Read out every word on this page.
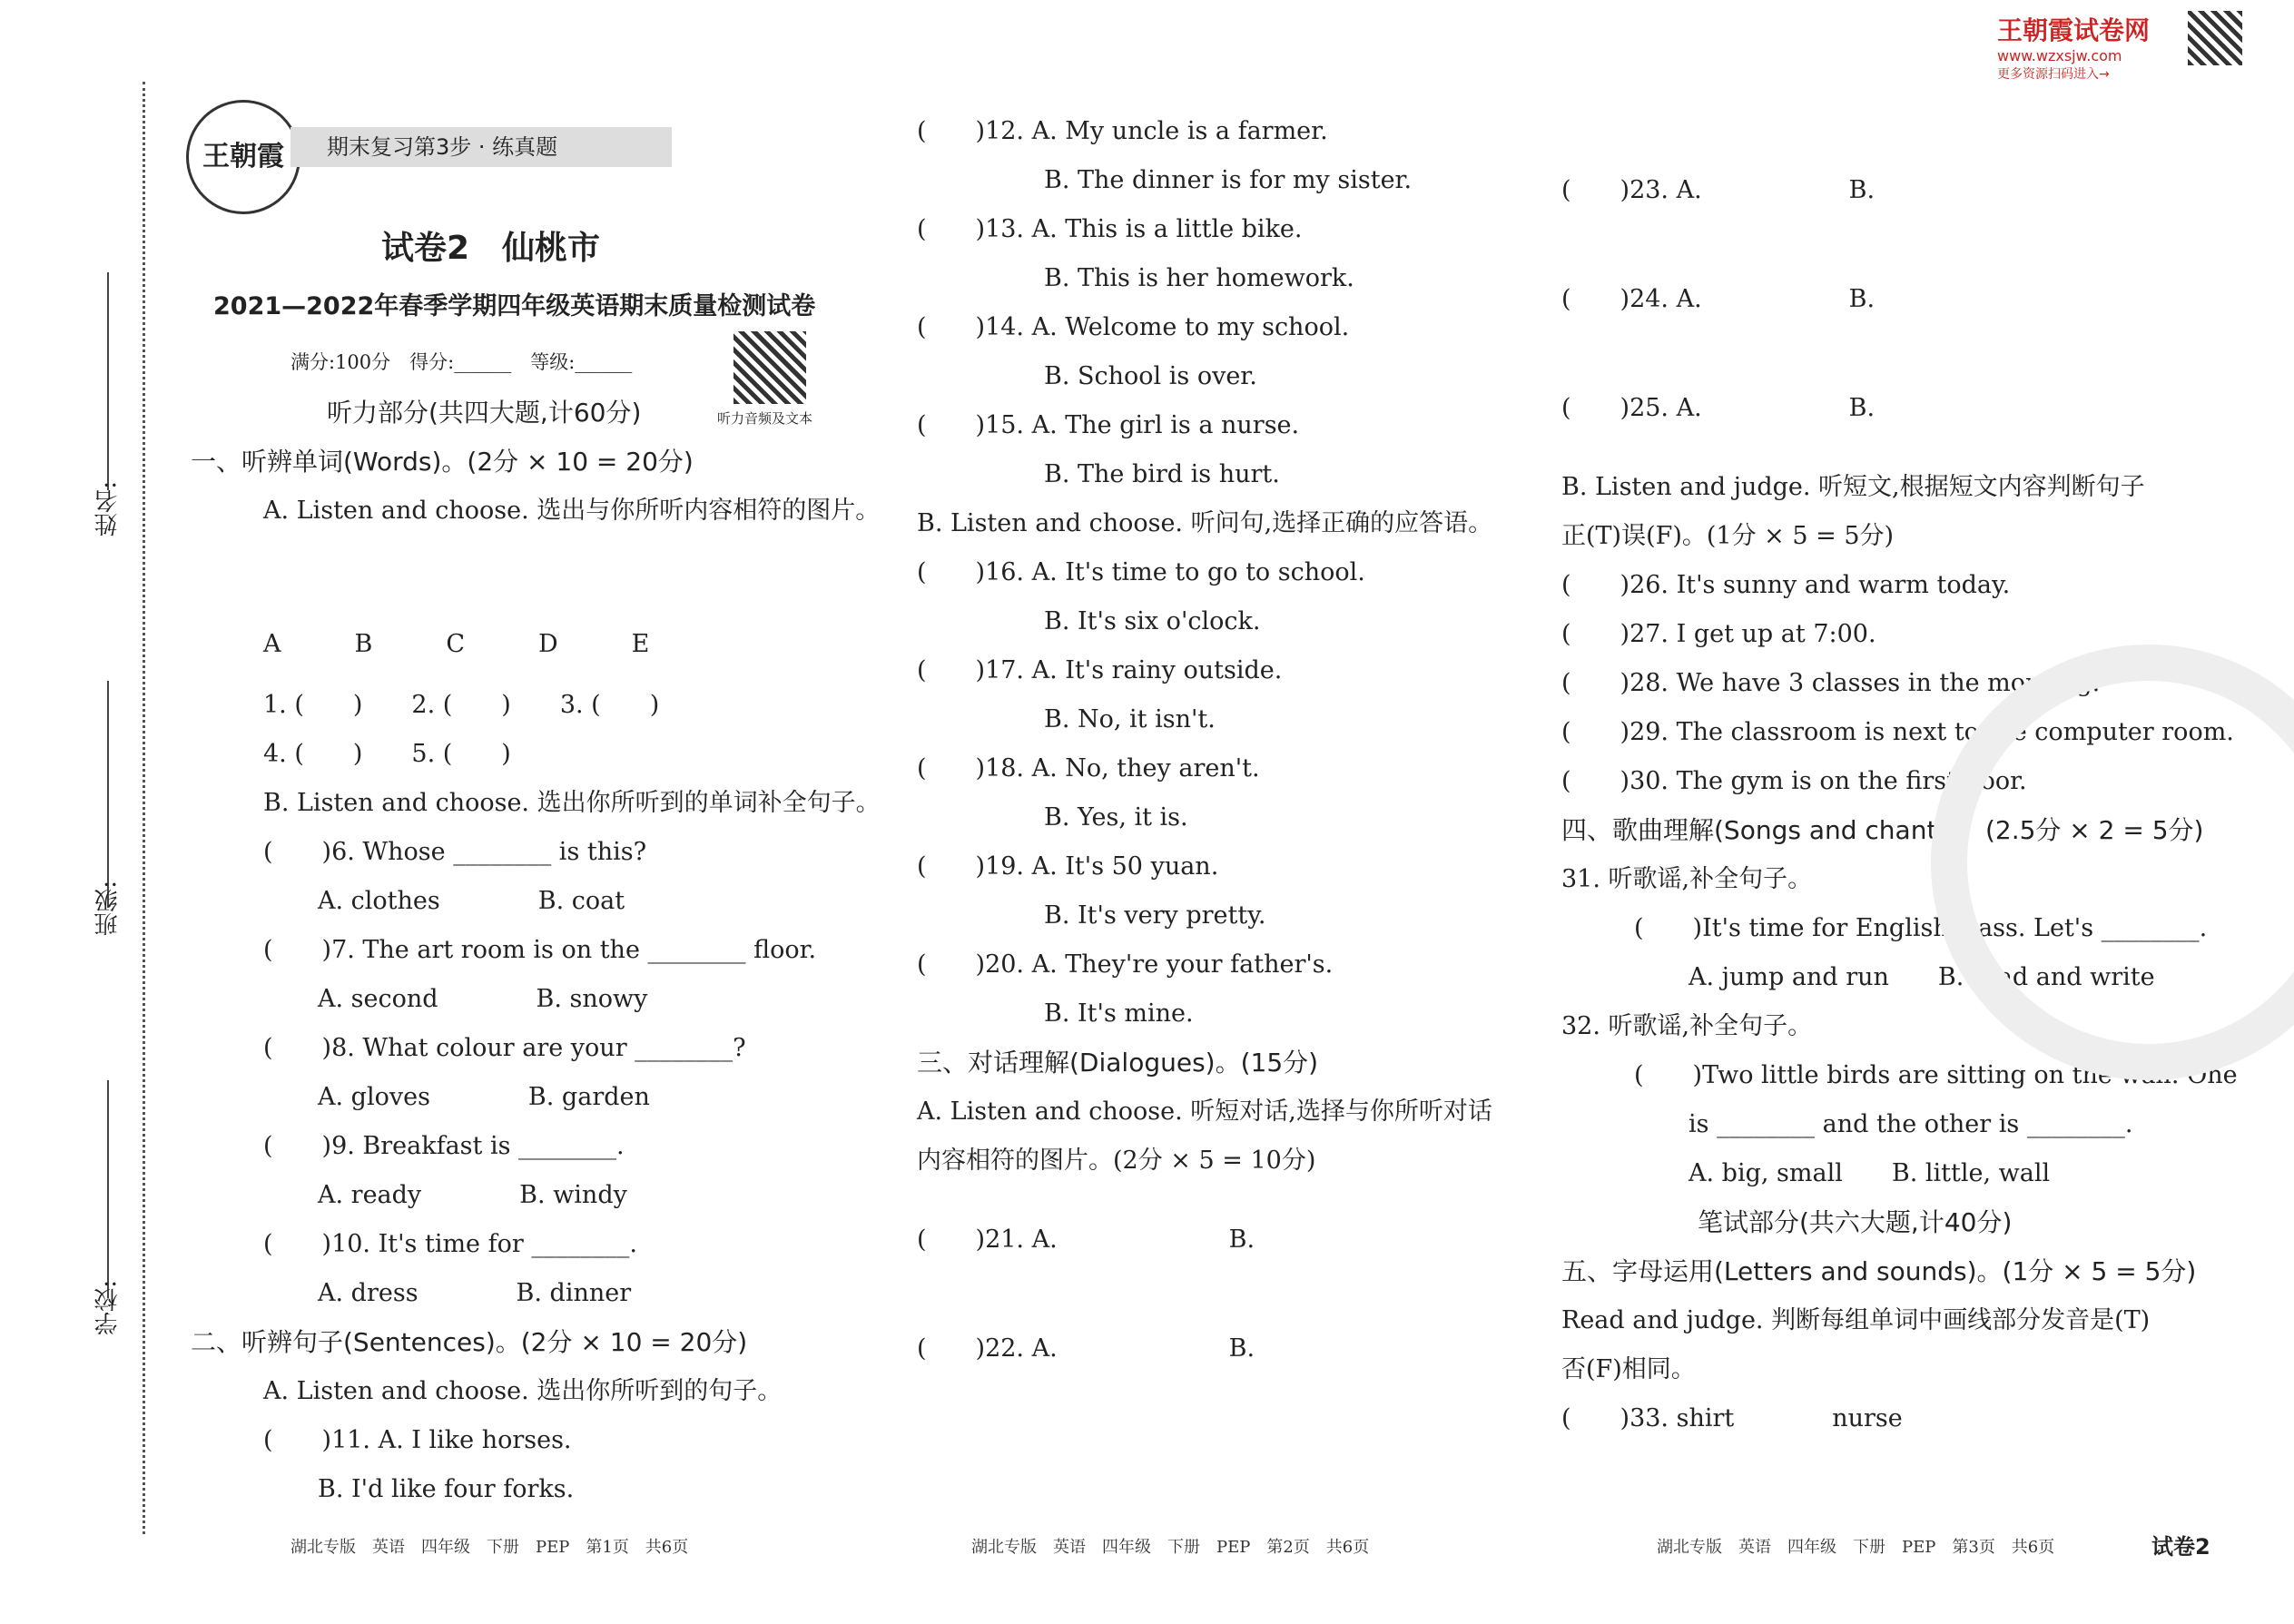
王朝霞试卷网
www.wzxsjw.com
更多资源扫码进入→
姓名:
班级:
学校:
王朝霞	期末复习第3步 · 练真题
试卷2　仙桃市
2021—2022年春季学期四年级英语期末质量检测试卷
满分:100分　得分:______　等级:______
听力音频及文本

听力部分(共四大题,计60分)

一、听辨单词(Words)。(2分 × 10 = 20分)

A. Listen and choose. 选出与你所听内容相符的图片。

A　　　B　　　C　　　D　　　E

1. (　　)　　2. (　　)　　3. (　　)

4. (　　)　　5. (　　)

B. Listen and choose. 选出你所听到的单词补全句子。

(　　)6. Whose ________ is this?

A. clothes　　　　B. coat

(　　)7. The art room is on the ________ floor.

A. second　　　　B. snowy

(　　)8. What colour are your ________?

A. gloves　　　　B. garden

(　　)9. Breakfast is ________.

A. ready　　　　B. windy

(　　)10. It's time for ________.

A. dress　　　　B. dinner

二、听辨句子(Sentences)。(2分 × 10 = 20分)

A. Listen and choose. 选出你所听到的句子。

(　　)11. A. I like horses.

B. I'd like four forks.

(　　)12. A. My uncle is a farmer.

B. The dinner is for my sister.

(　　)13. A. This is a little bike.

B. This is her homework.

(　　)14. A. Welcome to my school.

B. School is over.

(　　)15. A. The girl is a nurse.

B. The bird is hurt.

B. Listen and choose. 听问句,选择正确的应答语。

(　　)16. A. It's time to go to school.

B. It's six o'clock.

(　　)17. A. It's rainy outside.

B. No, it isn't.

(　　)18. A. No, they aren't.

B. Yes, it is.

(　　)19. A. It's 50 yuan.

B. It's very pretty.

(　　)20. A. They're your father's.

B. It's mine.

三、对话理解(Dialogues)。(15分)

A. Listen and choose. 听短对话,选择与你所听对话

内容相符的图片。(2分 × 5 = 10分)

(　　)21. A.　　　　　　　B.

(　　)22. A.　　　　　　　B.

(　　)23. A.　　　　　　B.

(　　)24. A.　　　　　　B.

(　　)25. A.　　　　　　B.

B. Listen and judge. 听短文,根据短文内容判断句子

正(T)误(F)。(1分 × 5 = 5分)

(　　)26. It's sunny and warm today.

(　　)27. I get up at 7:00.

(　　)28. We have 3 classes in the morning.

(　　)29. The classroom is next to the computer room.

(　　)30. The gym is on the first floor.

四、歌曲理解(Songs and chants)。(2.5分 × 2 = 5分)

31. 听歌谣,补全句子。

(　　)It's time for English class. Let's ________.

A. jump and run　　B. read and write

32. 听歌谣,补全句子。

(　　)Two little birds are sitting on the wall. One

is ________ and the other is ________.

A. big, small　　B. little, wall

笔试部分(共六大题,计40分)

五、字母运用(Letters and sounds)。(1分 × 5 = 5分)

Read and judge. 判断每组单词中画线部分发音是(T)

否(F)相同。

(　　)33. shirt　　　　nurse

湖北专版　英语　四年级　下册　PEP　第1页　共6页	湖北专版　英语　四年级　下册　PEP　第2页　共6页	湖北专版　英语　四年级　下册　PEP　第3页　共6页	试卷2
